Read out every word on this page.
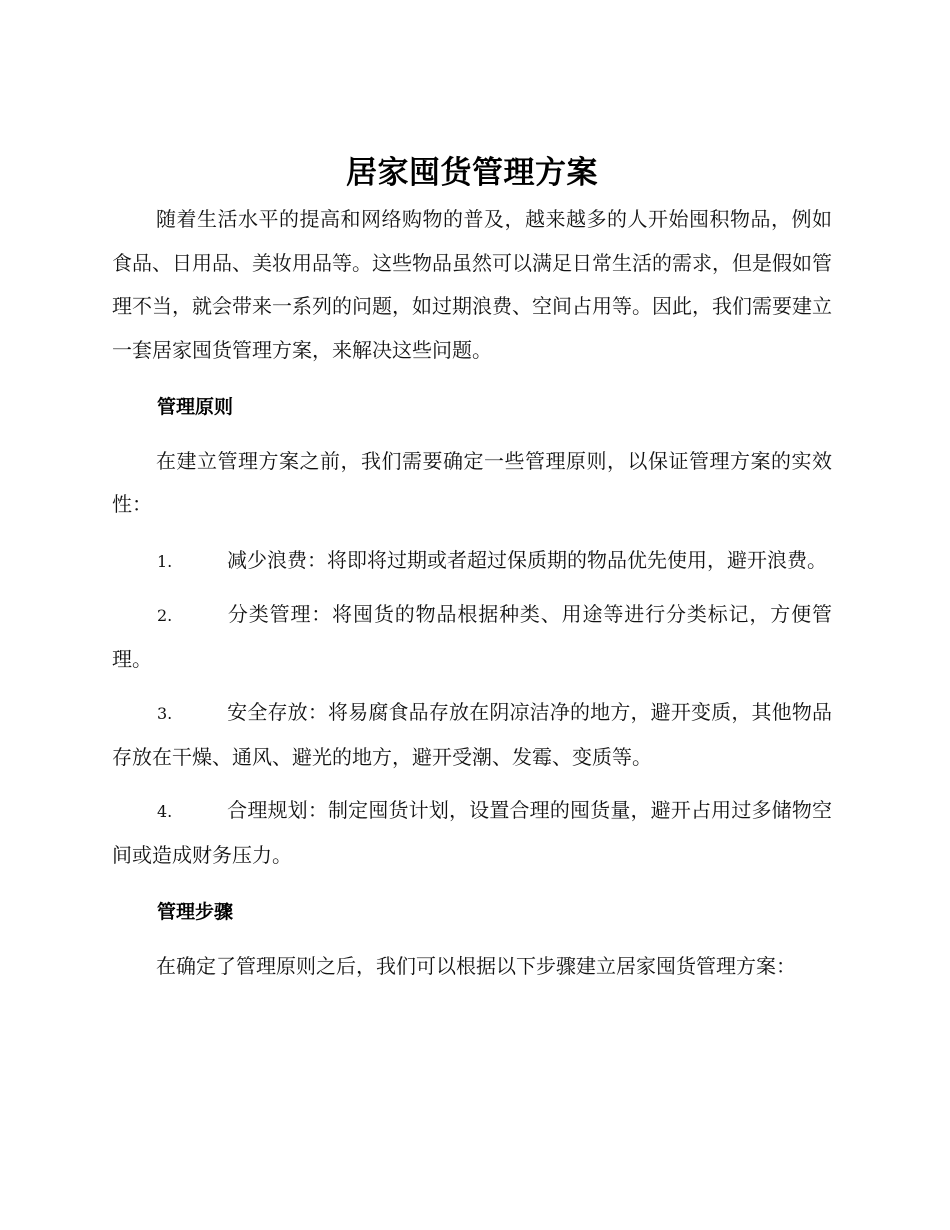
居家囤货管理方案

随着生活水平的提高和网络购物的普及，越来越多的人开始囤积物品，例如食品、日用品、美妆用品等。这些物品虽然可以满足日常生活的需求，但是假如管理不当，就会带来一系列的问题，如过期浪费、空间占用等。因此，我们需要建立一套居家囤货管理方案，来解决这些问题。

管理原则

在建立管理方案之前，我们需要确定一些管理原则，以保证管理方案的实效性：

1.	减少浪费：将即将过期或者超过保质期的物品优先使用，避开浪费。
2.	分类管理：将囤货的物品根据种类、用途等进行分类标记，方便管理。
3.	安全存放：将易腐食品存放在阴凉洁净的地方，避开变质，其他物品存放在干燥、通风、避光的地方，避开受潮、发霉、变质等。
4.	合理规划：制定囤货计划，设置合理的囤货量，避开占用过多储物空间或造成财务压力。
管理步骤

在确定了管理原则之后，我们可以根据以下步骤建立居家囤货管理方案：
